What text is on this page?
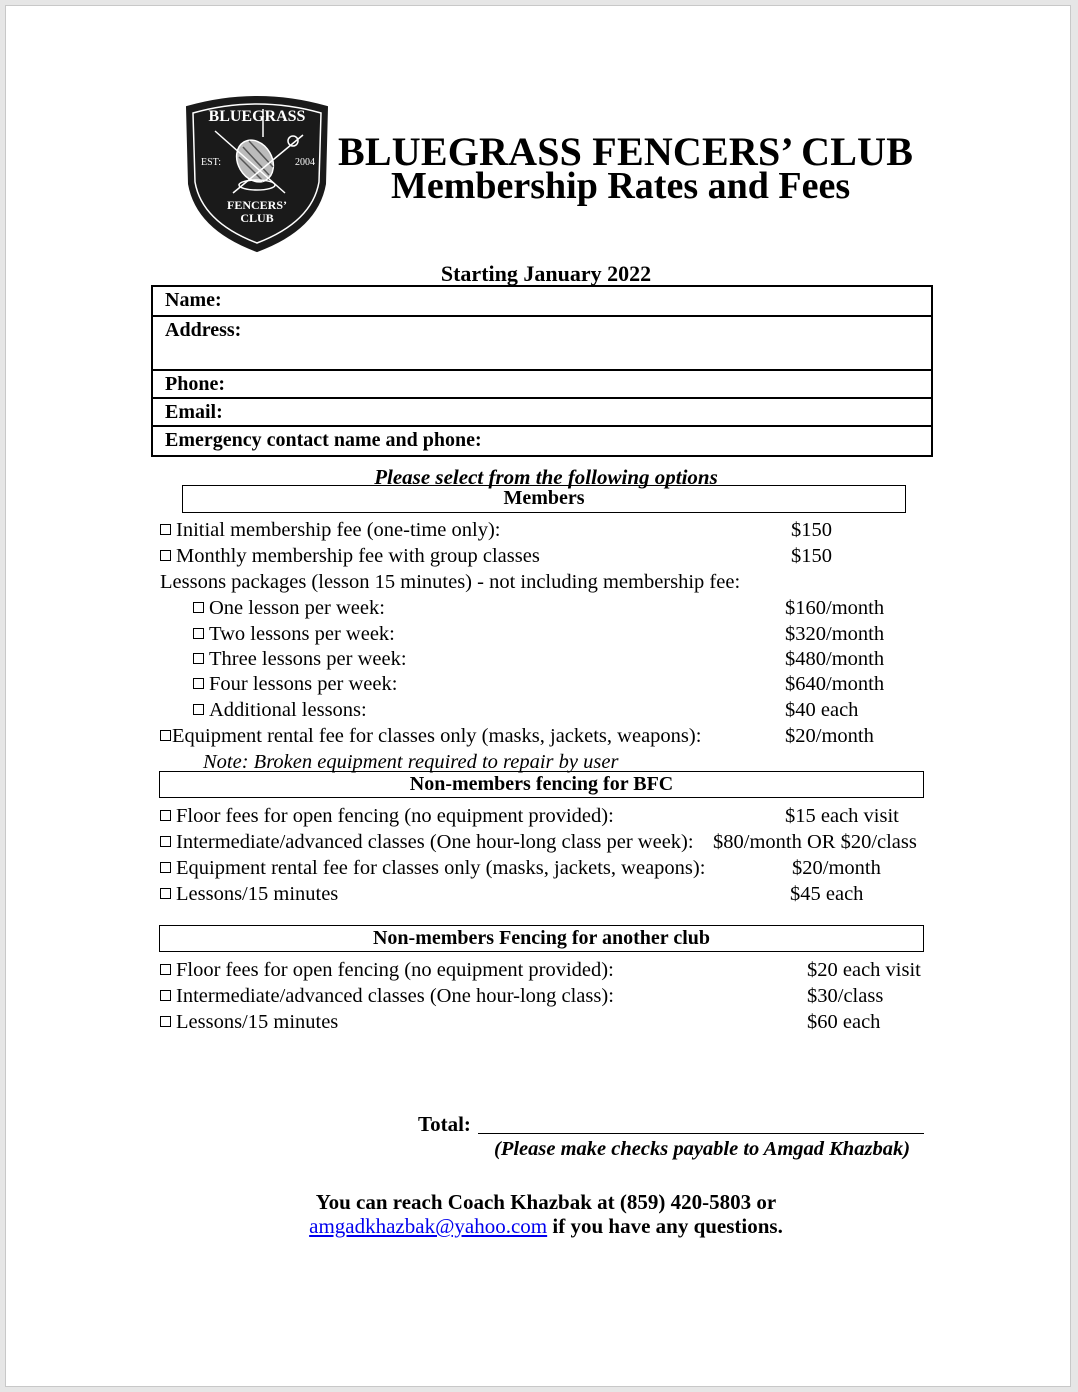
BLUEGRASS
EST:	2004
FENCERS’
CLUB
BLUEGRASS FENCERS’ CLUB
Membership Rates and Fees
Starting January 2022
Name:
Address:
Phone:
Email:
Emergency contact name and phone:
Please select from the following options
Members
Initial membership fee (one-time only):	$150
Monthly membership fee with group classes	$150
Lessons packages (lesson 15 minutes) - not including membership fee:
One lesson per week:	$160/month
Two lessons per week:	$320/month
Three lessons per week:	$480/month
Four lessons per week:	$640/month
Additional lessons:	$40 each
Equipment rental fee for classes only (masks, jackets, weapons):	$20/month
Note: Broken equipment required to repair by user
Non-members fencing for BFC
Floor fees for open fencing (no equipment provided):	$15 each visit
Intermediate/advanced classes (One hour-long class per week): $80/month OR $20/class
Equipment rental fee for classes only (masks, jackets, weapons):	$20/month
Lessons/15 minutes	$45 each
Non-members Fencing for another club
Floor fees for open fencing (no equipment provided):	$20 each visit
Intermediate/advanced classes (One hour-long class):	$30/class
Lessons/15 minutes	$60 each
Total:
(Please make checks payable to Amgad Khazbak)
You can reach Coach Khazbak at (859) 420-5803 or
amgadkhazbak@yahoo.com if you have any questions.
